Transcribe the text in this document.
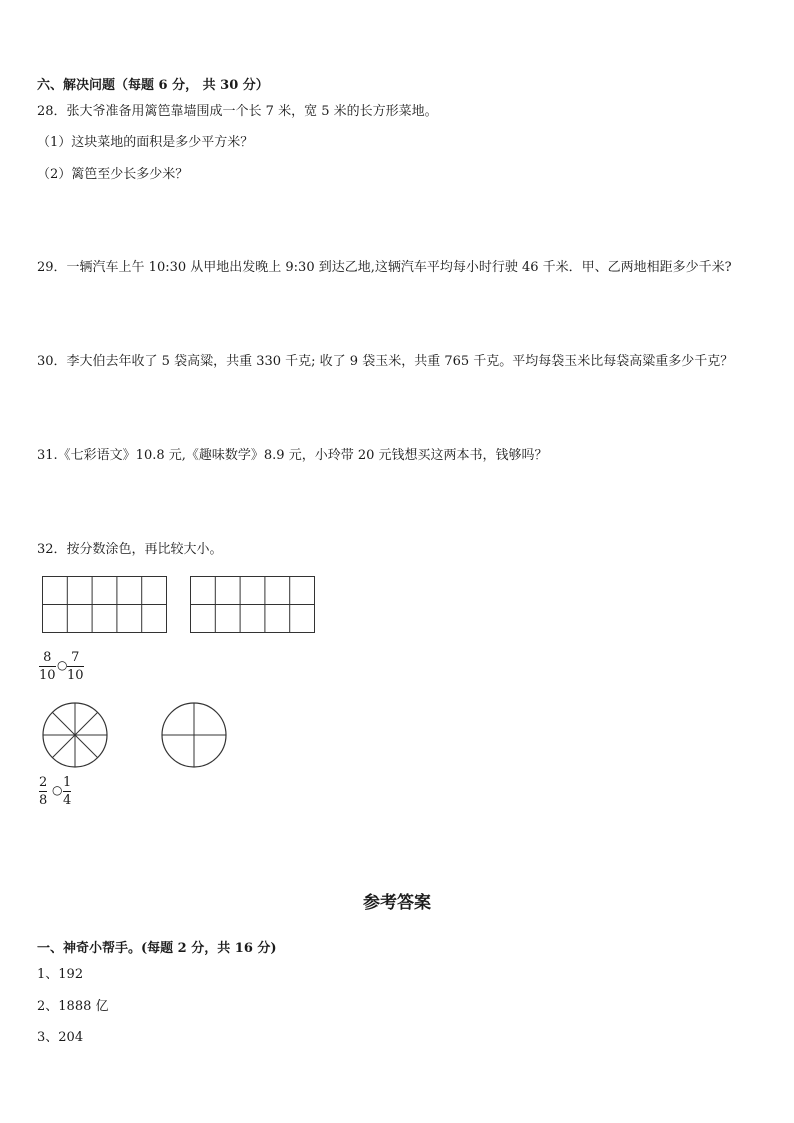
六、解决问题（每题 6 分， 共 30 分）
28．张大爷准备用篱笆靠墙围成一个长 7 米，宽 5 米的长方形菜地。
（1）这块菜地的面积是多少平方米？
（2）篱笆至少长多少米？
29．一辆汽车上午 10:30 从甲地出发晚上 9:30 到达乙地,这辆汽车平均每小时行驶 46 千米．甲、乙两地相距多少千米?
30．李大伯去年收了 5 袋高粱，共重 330 千克; 收了 9 袋玉米，共重 765 千克。平均每袋玉米比每袋高粱重多少千克？
31.《七彩语文》10.8 元,《趣味数学》8.9 元，小玲带 20 元钱想买这两本书，钱够吗？
32．按分数涂色，再比较大小。
8
10
○ 7
10
2
8
○ 1
4
参考答案
一、神奇小帮手。(每题 2 分，共 16 分)
1、192
2、1888 亿
3、204
